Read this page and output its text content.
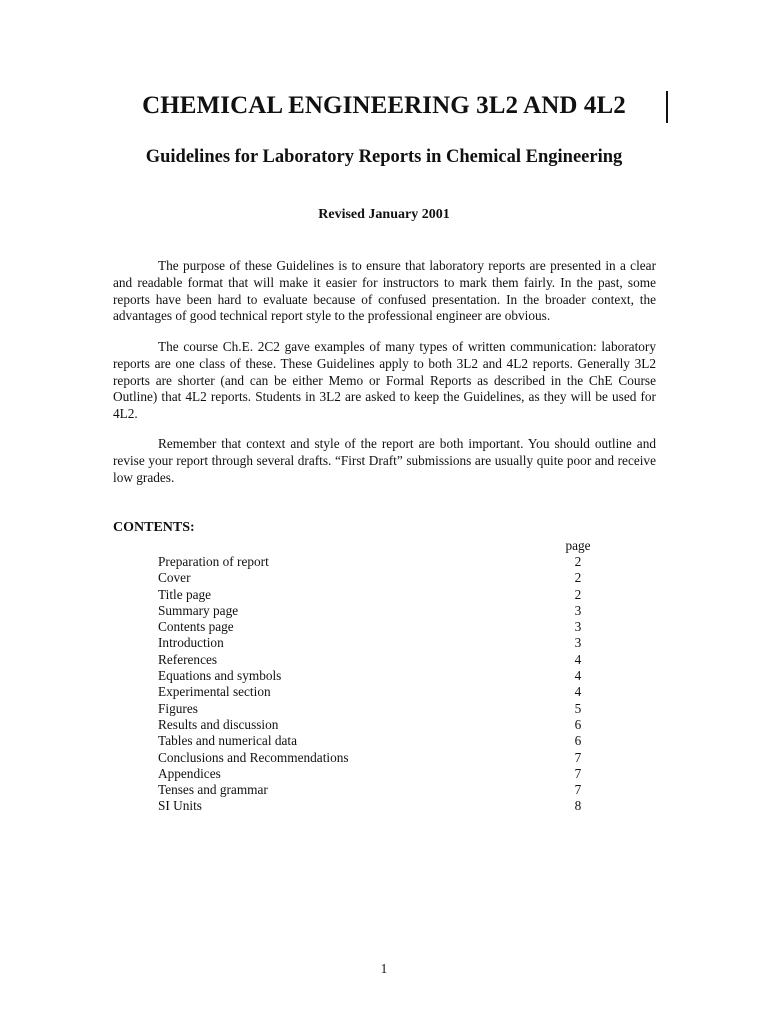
CHEMICAL ENGINEERING 3L2 AND 4L2
Guidelines for Laboratory Reports in Chemical Engineering
Revised January 2001

The purpose of these Guidelines is to ensure that laboratory reports are presented in a clear and readable format that will make it easier for instructors to mark them fairly. In the past, some reports have been hard to evaluate because of confused presentation. In the broader context, the advantages of good technical report style to the professional engineer are obvious.

The course Ch.E. 2C2 gave examples of many types of written communication: laboratory reports are one class of these. These Guidelines apply to both 3L2 and 4L2 reports. Generally 3L2 reports are shorter (and can be either Memo or Formal Reports as described in the ChE Course Outline) that 4L2 reports. Students in 3L2 are asked to keep the Guidelines, as they will be used for 4L2.

Remember that context and style of the report are both important. You should outline and revise your report through several drafts. “First Draft” submissions are usually quite poor and receive low grades.

CONTENTS:
page
Preparation of report	2
Cover	2
Title page	2
Summary page	3
Contents page	3
Introduction	3
References	4
Equations and symbols	4
Experimental section	4
Figures	5
Results and discussion	6
Tables and numerical data	6
Conclusions and Recommendations	7
Appendices	7
Tenses and grammar	7
SI Units	8
1
